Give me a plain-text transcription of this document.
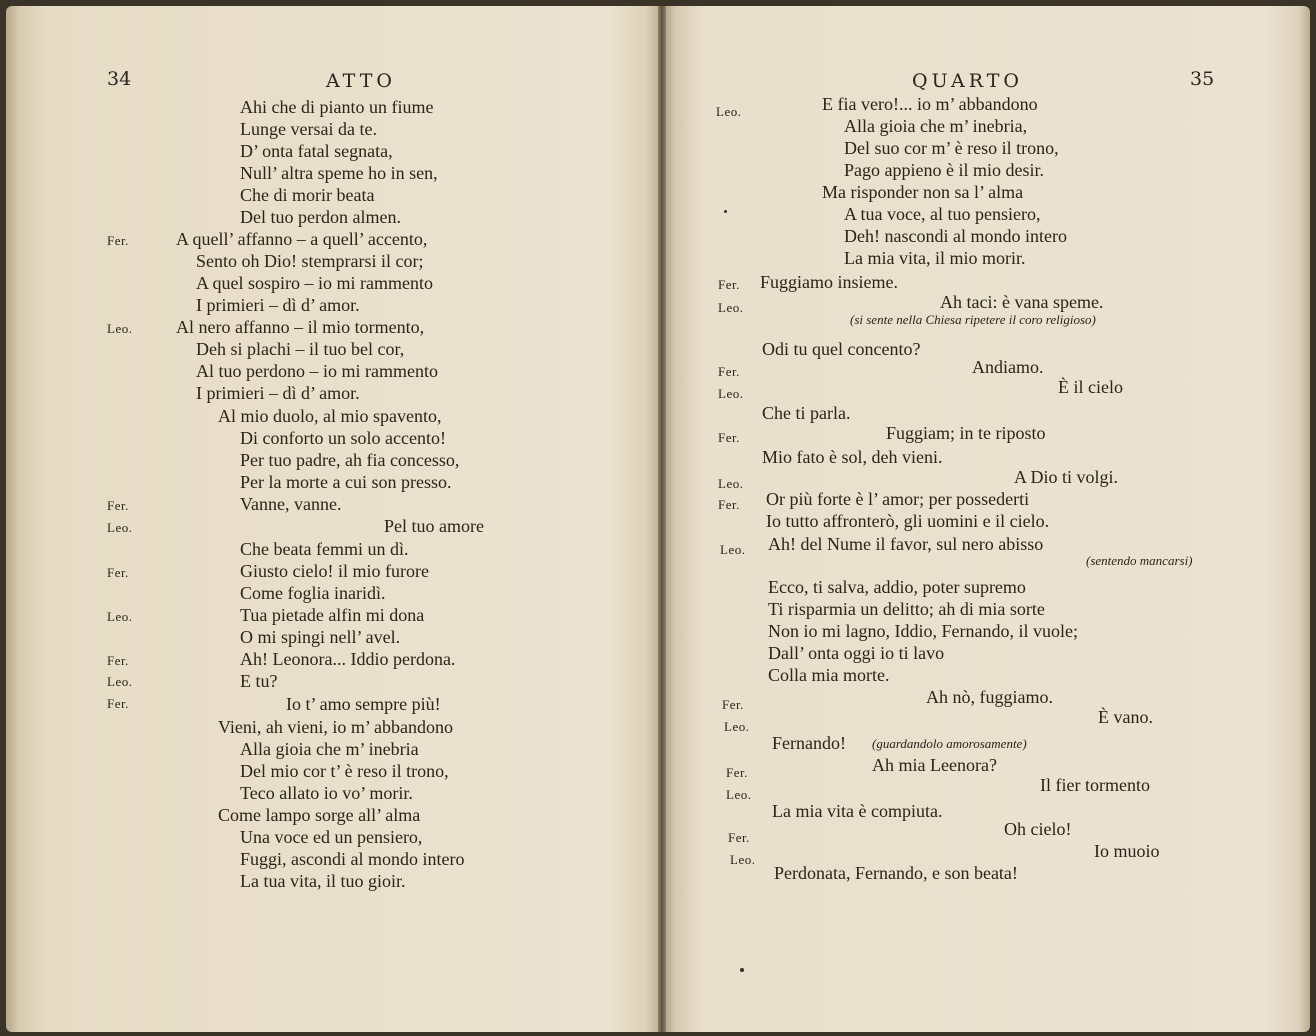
34	ATTO	QUARTO	35
Ahi che di pianto un fiume
Lunge versai da te.
D’ onta fatal segnata,
Null’ altra speme ho in sen,
Che di morir beata
Del tuo perdon almen.
Fer.	A quell’ affanno – a quell’ accento,
Sento oh Dio! stemprarsi il cor;
A quel sospiro – io mi rammento
I primieri – dì d’ amor.
Leo. Al nero affanno – il mio tormento,
Deh si plachi – il tuo bel cor,
Al tuo perdono – io mi rammento
I primieri – dì d’ amor.
Al mio duolo, al mio spavento,
Di conforto un solo accento!
Per tuo padre, ah fia concesso,
Per la morte a cui son presso.
Fer.	Vanne, vanne.
Leo.	Pel tuo amore
Che beata femmi un dì.
Fer.	Giusto cielo! il mio furore
Come foglia inaridì.
Leo.	Tua pietade alfin mi dona
O mi spingi nell’ avel.
Fer.	Ah! Leonora... Iddio perdona.
Leo.	E tu?
Fer.	Io t’ amo sempre più!
Vieni, ah vieni, io m’ abbandono
Alla gioia che m’ inebria
Del mio cor t’ è reso il trono,
Teco allato io vo’ morir.
Come lampo sorge all’ alma
Una voce ed un pensiero,
Fuggi, ascondi al mondo intero
La tua vita, il tuo gioir.
Leo.	E fia vero!... io m’ abbandono
Alla gioia che m’ inebria,
Del suo cor m’ è reso il trono,
Pago appieno è il mio desir.
Ma risponder non sa l’ alma
A tua voce, al tuo pensiero,
Deh! nascondi al mondo intero
La mia vita, il mio morir.
Fer. Fuggiamo insieme.
Leo.	Ah taci: è vana speme.
(si sente nella Chiesa ripetere il coro religioso)
Odi tu quel concento?
Fer.	Andiamo.
Leo.	È il cielo
Che ti parla.
Fer.	Fuggiam; in te riposto
Mio fato è sol, deh vieni.
Leo.	A Dio ti volgi.
Fer. Or più forte è l’ amor; per possederti
Io tutto affronterò, gli uomini e il cielo.
Leo. Ah! del Nume il favor, sul nero abisso
(sentendo mancarsi)
Ecco, ti salva, addio, poter supremo
Ti risparmia un delitto; ah di mia sorte
Non io mi lagno, Iddio, Fernando, il vuole;
Dall’ onta oggi io ti lavo
Colla mia morte.
Ah nò, fuggiamo.
Fer.
Leo.	È vano.
Fernando! (guardandolo amorosamente)
Fer.	Ah mia Leenora?
Leo.	Il fier tormento
La mia vita è compiuta.
Fer.	Oh cielo!
Leo.	Io muoio
Perdonata, Fernando, e son beata!
